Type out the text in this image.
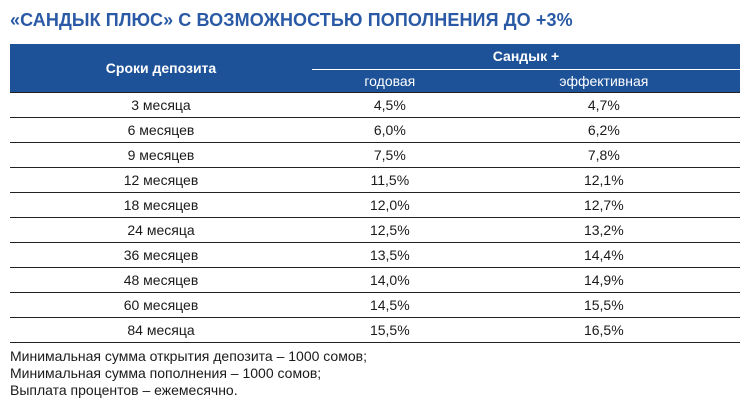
«САНДЫК ПЛЮС» С ВОЗМОЖНОСТЬЮ ПОПОЛНЕНИЯ ДО +3%
Сроки депозита	Сандык +	
	годовая	эффективная
3 месяца	4,5%	4,7%
6 месяцев	6,0%	6,2%
9 месяцев	7,5%	7,8%
12 месяцев	11,5%	12,1%
18 месяцев	12,0%	12,7%
24 месяца	12,5%	13,2%
36 месяцев	13,5%	14,4%
48 месяцев	14,0%	14,9%
60 месяцев	14,5%	15,5%
84 месяца	15,5%	16,5%
Минимальная сумма открытия депозита – 1000 сомов;
Минимальная сумма пополнения – 1000 сомов;
Выплата процентов – ежемесячно.
